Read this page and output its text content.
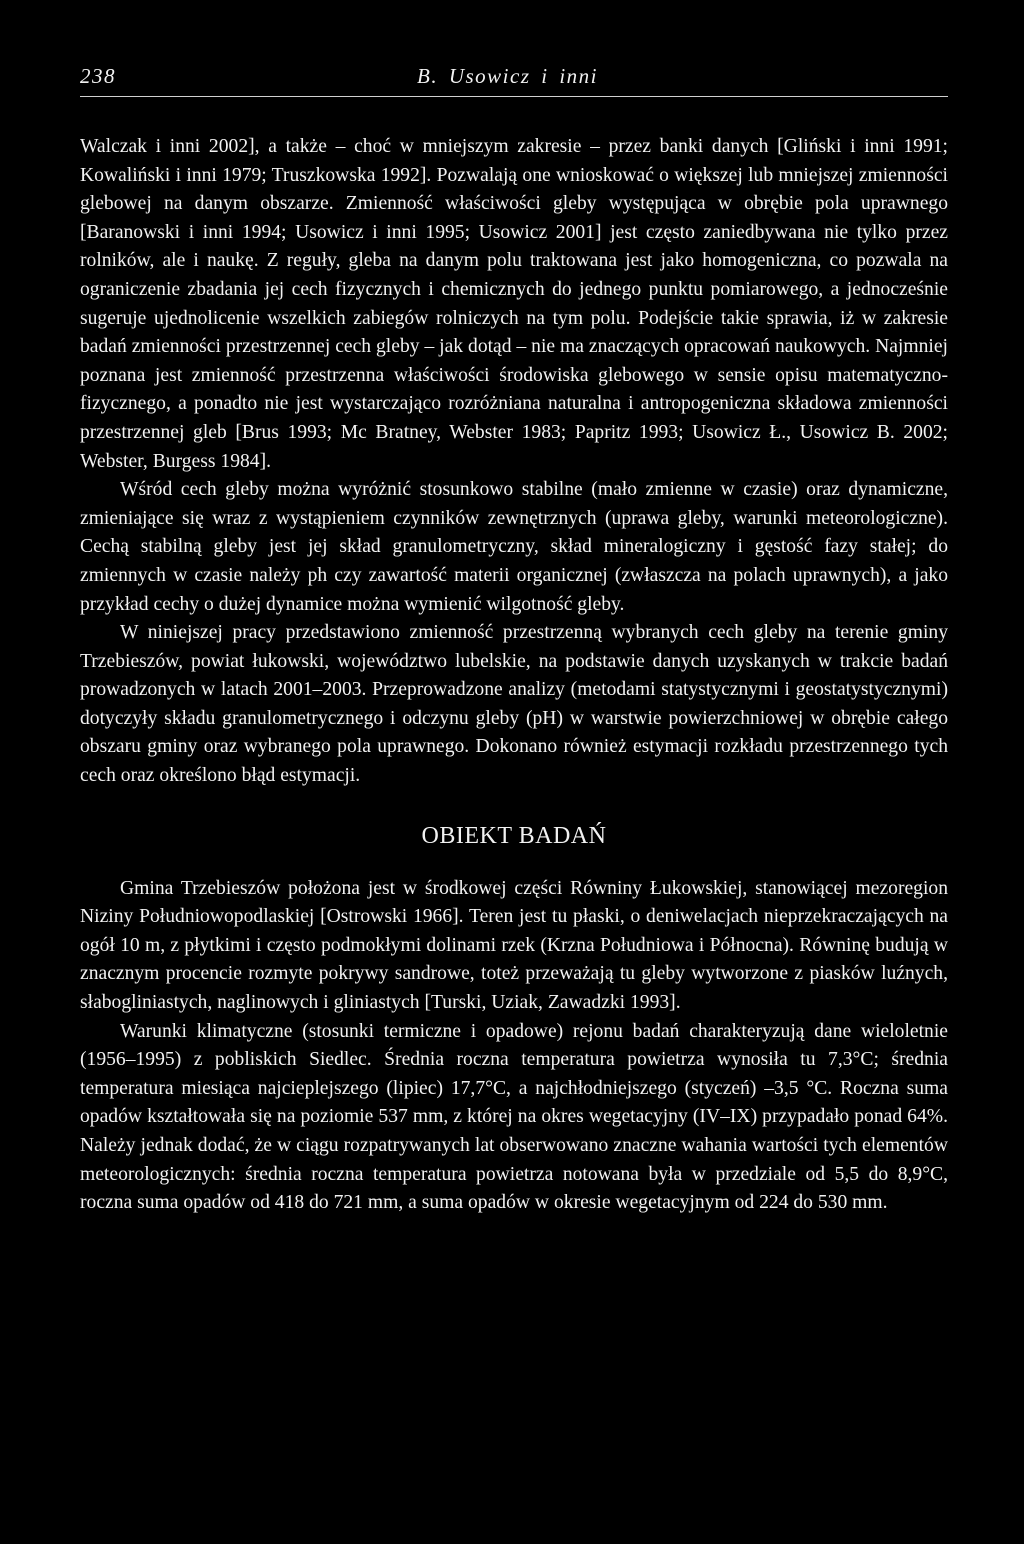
238	B. Usowicz i inni

Walczak i inni 2002], a także – choć w mniejszym zakresie – przez banki danych [Gliński i inni 1991; Kowaliński i inni 1979; Truszkowska 1992]. Pozwalają one wnioskować o większej lub mniejszej zmienności glebowej na danym obszarze. Zmienność właściwości gleby występująca w obrębie pola uprawnego [Baranowski i inni 1994; Usowicz i inni 1995; Usowicz 2001] jest często zaniedbywana nie tylko przez rolników, ale i naukę. Z reguły, gleba na danym polu traktowana jest jako homogeniczna, co pozwala na ograniczenie zbadania jej cech fizycznych i chemicznych do jednego punktu pomiarowego, a jednocześnie sugeruje ujednolicenie wszelkich zabiegów rolniczych na tym polu. Podejście takie sprawia, iż w zakresie badań zmienności przestrzennej cech gleby – jak dotąd – nie ma znaczących opracowań naukowych. Najmniej poznana jest zmienność przestrzenna właściwości środowiska glebowego w sensie opisu matematyczno-fizycznego, a ponadto nie jest wystarczająco rozróżniana naturalna i antropogeniczna składowa zmienności przestrzennej gleb [Brus 1993; Mc Bratney, Webster 1983; Papritz 1993; Usowicz Ł., Usowicz B. 2002; Webster, Burgess 1984].

Wśród cech gleby można wyróżnić stosunkowo stabilne (mało zmienne w czasie) oraz dynamiczne, zmieniające się wraz z wystąpieniem czynników zewnętrznych (uprawa gleby, warunki meteorologiczne). Cechą stabilną gleby jest jej skład granulometryczny, skład mineralogiczny i gęstość fazy stałej; do zmiennych w czasie należy ph czy zawartość materii organicznej (zwłaszcza na polach uprawnych), a jako przykład cechy o dużej dynamice można wymienić wilgotność gleby.

W niniejszej pracy przedstawiono zmienność przestrzenną wybranych cech gleby na terenie gminy Trzebieszów, powiat łukowski, województwo lubelskie, na podstawie danych uzyskanych w trakcie badań prowadzonych w latach 2001–2003. Przeprowadzone analizy (metodami statystycznymi i geostatystycznymi) dotyczyły składu granulometrycznego i odczynu gleby (pH) w warstwie powierzchniowej w obrębie całego obszaru gminy oraz wybranego pola uprawnego. Dokonano również estymacji rozkładu przestrzennego tych cech oraz określono błąd estymacji.

OBIEKT BADAŃ

Gmina Trzebieszów położona jest w środkowej części Równiny Łukowskiej, stanowiącej mezoregion Niziny Południowopodlaskiej [Ostrowski 1966]. Teren jest tu płaski, o deniwelacjach nieprzekraczających na ogół 10 m, z płytkimi i często podmokłymi dolinami rzek (Krzna Południowa i Północna). Równinę budują w znacznym procencie rozmyte pokrywy sandrowe, toteż przeważają tu gleby wytworzone z piasków luźnych, słabogliniastych, naglinowych i gliniastych [Turski, Uziak, Zawadzki 1993].

Warunki klimatyczne (stosunki termiczne i opadowe) rejonu badań charakteryzują dane wieloletnie (1956–1995) z pobliskich Siedlec. Średnia roczna temperatura powietrza wynosiła tu 7,3°C; średnia temperatura miesiąca najcieplejszego (lipiec) 17,7°C, a najchłodniejszego (styczeń) –3,5 °C. Roczna suma opadów kształtowała się na poziomie 537 mm, z której na okres wegetacyjny (IV–IX) przypadało ponad 64%. Należy jednak dodać, że w ciągu rozpatrywanych lat obserwowano znaczne wahania wartości tych elementów meteorologicznych: średnia roczna temperatura powietrza notowana była w przedziale od 5,5 do 8,9°C, roczna suma opadów od 418 do 721 mm, a suma opadów w okresie wegetacyjnym od 224 do 530 mm.
